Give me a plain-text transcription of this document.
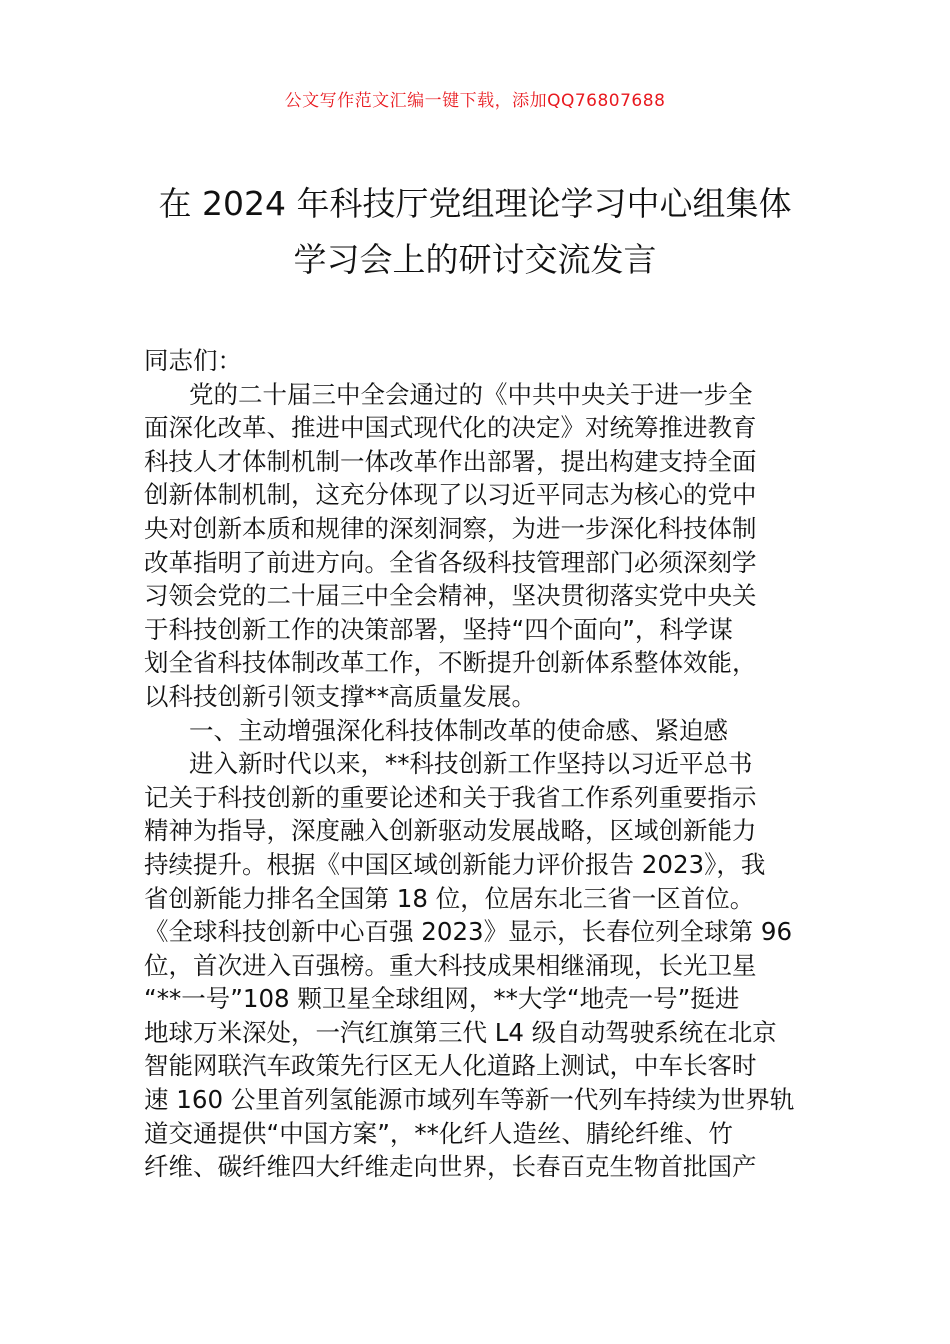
公文写作范文汇编一键下载，添加QQ76807688
在 2024 年科技厅党组理论学习中心组集体
学习会上的研讨交流发言
同志们：
党的二十届三中全会通过的《中共中央关于进一步全
面深化改革、推进中国式现代化的决定》对统筹推进教育
科技人才体制机制一体改革作出部署，提出构建支持全面
创新体制机制，这充分体现了以习近平同志为核心的党中
央对创新本质和规律的深刻洞察，为进一步深化科技体制
改革指明了前进方向。全省各级科技管理部门必须深刻学
习领会党的二十届三中全会精神，坚决贯彻落实党中央关
于科技创新工作的决策部署，坚持“四个面向”，科学谋
划全省科技体制改革工作，不断提升创新体系整体效能，
以科技创新引领支撑**高质量发展。
一、主动增强深化科技体制改革的使命感、紧迫感
进入新时代以来，**科技创新工作坚持以习近平总书
记关于科技创新的重要论述和关于我省工作系列重要指示
精神为指导，深度融入创新驱动发展战略，区域创新能力
持续提升。根据《中国区域创新能力评价报告 2023》，我
省创新能力排名全国第 18 位，位居东北三省一区首位。
《全球科技创新中心百强 2023》显示，长春位列全球第 96
位，首次进入百强榜。重大科技成果相继涌现，长光卫星
“**一号”108 颗卫星全球组网，**大学“地壳一号”挺进
地球万米深处，一汽红旗第三代 L4 级自动驾驶系统在北京
智能网联汽车政策先行区无人化道路上测试，中车长客时
速 160 公里首列氢能源市域列车等新一代列车持续为世界轨
道交通提供“中国方案”，**化纤人造丝、腈纶纤维、竹
纤维、碳纤维四大纤维走向世界，长春百克生物首批国产
